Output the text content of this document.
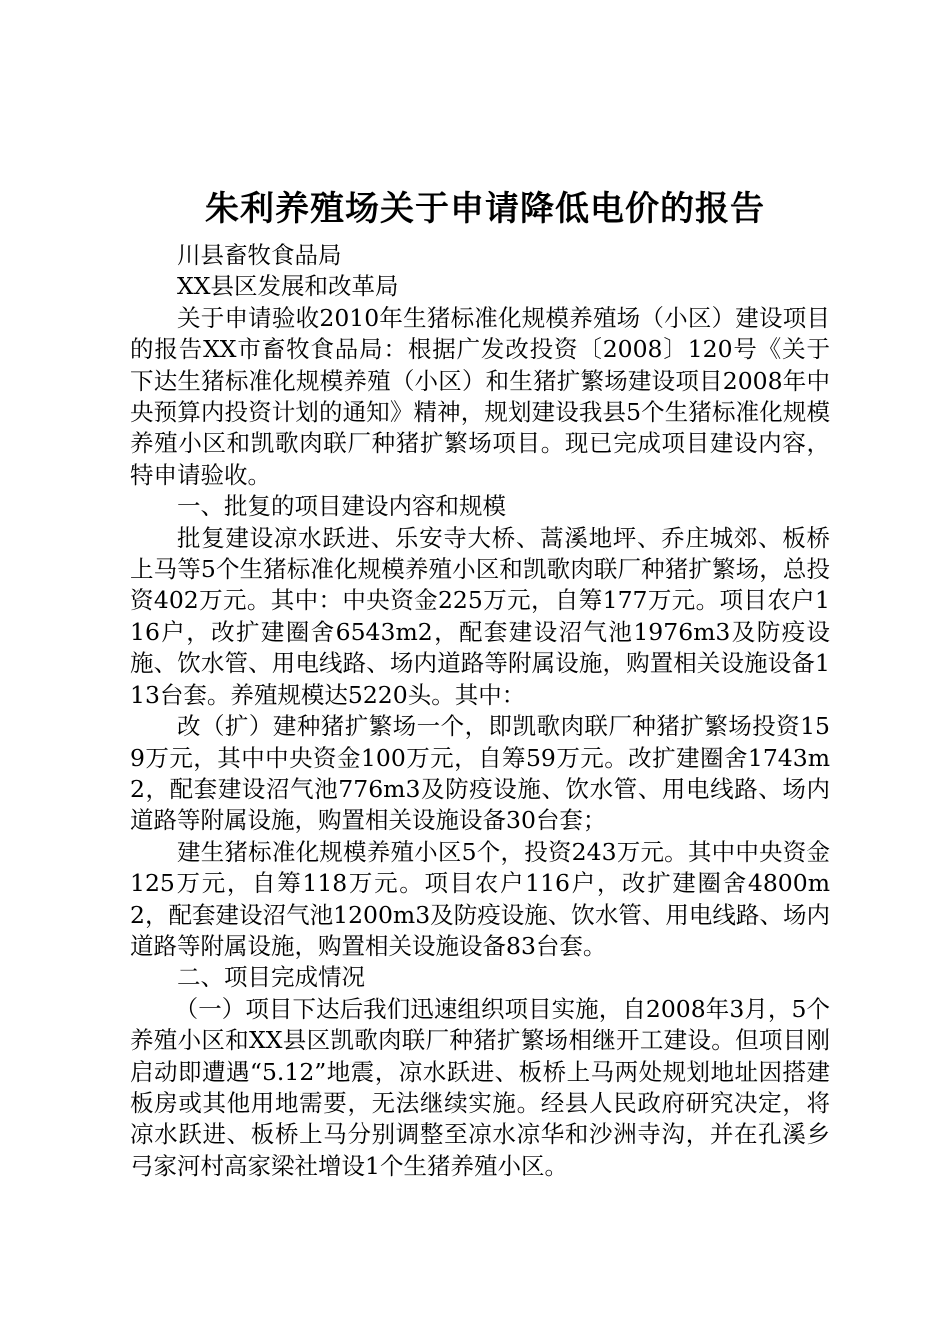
朱利养殖场关于申请降低电价的报告

川县畜牧食品局

XX县区发展和改革局

关于申请验收2010年生猪标准化规模养殖场（小区）建设项目的报告XX市畜牧食品局：根据广发改投资〔2008〕120号《关于下达生猪标准化规模养殖（小区）和生猪扩繁场建设项目2008年中央预算内投资计划的通知》精神，规划建设我县5个生猪标准化规模养殖小区和凯歌肉联厂种猪扩繁场项目。现已完成项目建设内容，特申请验收。

一、批复的项目建设内容和规模

批复建设凉水跃进、乐安寺大桥、蒿溪地坪、乔庄城郊、板桥上马等5个生猪标准化规模养殖小区和凯歌肉联厂种猪扩繁场，总投资402万元。其中：中央资金225万元，自筹177万元。项目农户116户，改扩建圈舍6543m2，配套建设沼气池1976m3及防疫设施、饮水管、用电线路、场内道路等附属设施，购置相关设施设备113台套。养殖规模达5220头。其中：

改（扩）建种猪扩繁场一个，即凯歌肉联厂种猪扩繁场投资159万元，其中中央资金100万元，自筹59万元。改扩建圈舍1743m2，配套建设沼气池776m3及防疫设施、饮水管、用电线路、场内道路等附属设施，购置相关设施设备30台套；

建生猪标准化规模养殖小区5个，投资243万元。其中中央资金125万元，自筹118万元。项目农户116户，改扩建圈舍4800m2，配套建设沼气池1200m3及防疫设施、饮水管、用电线路、场内道路等附属设施，购置相关设施设备83台套。

二、项目完成情况

（一）项目下达后我们迅速组织项目实施，自2008年3月，5个养殖小区和XX县区凯歌肉联厂种猪扩繁场相继开工建设。但项目刚启动即遭遇“5.12”地震，凉水跃进、板桥上马两处规划地址因搭建板房或其他用地需要，无法继续实施。经县人民政府研究决定，将凉水跃进、板桥上马分别调整至凉水凉华和沙洲寺沟，并在孔溪乡弓家河村高家梁社增设1个生猪养殖小区。
